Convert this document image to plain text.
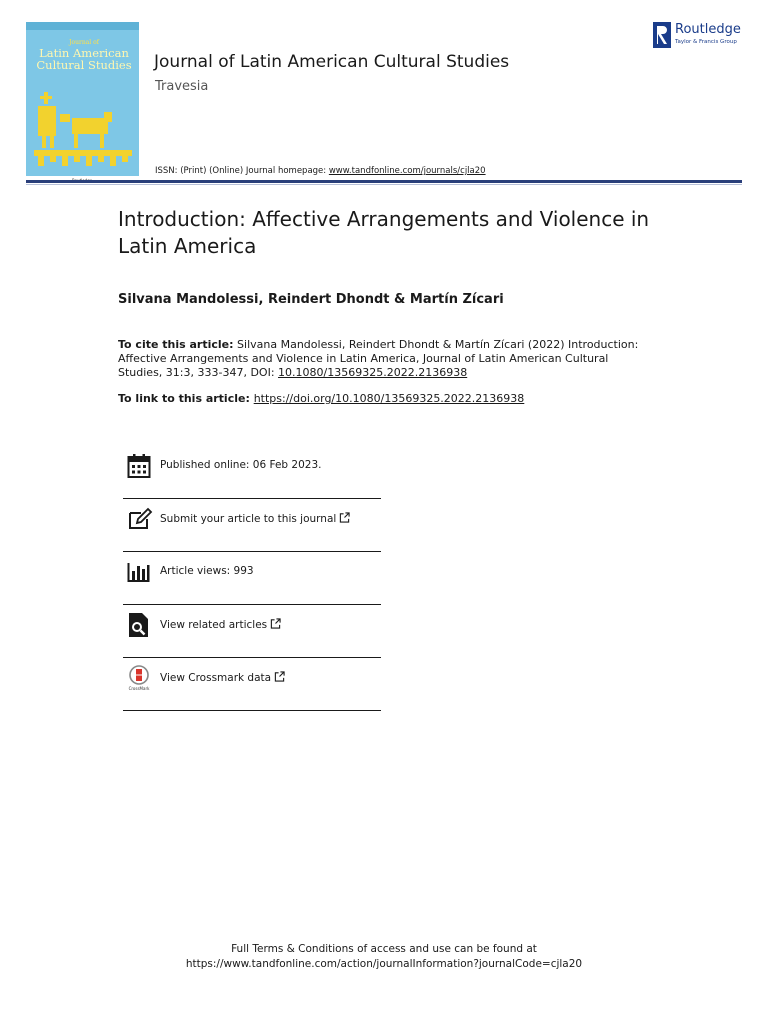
Journal of
Latin American Cultural Studies Journal of Latin American Cultural Studies
Travesia
ISSN: (Print) (Online) Journal homepage: www.tandfonline.com/journals/cjla20
Routledge
Taylor & Francis Group
Introduction: Affective Arrangements and Violence in Latin America
Silvana Mandolessi, Reindert Dhondt & Martín Zícari
To cite this article: Silvana Mandolessi, Reindert Dhondt & Martín Zícari (2022) Introduction: Affective Arrangements and Violence in Latin America, Journal of Latin American Cultural Studies, 31:3, 333-347, DOI: 10.1080/13569325.2022.2136938
To link to this article: https://doi.org/10.1080/13569325.2022.2136938
Published online: 06 Feb 2023.
Submit your article to this journal
Article views: 993
View related articles
CrossMark
View Crossmark data
Full Terms & Conditions of access and use can be found at
https://www.tandfonline.com/action/journalInformation?journalCode=cjla20
